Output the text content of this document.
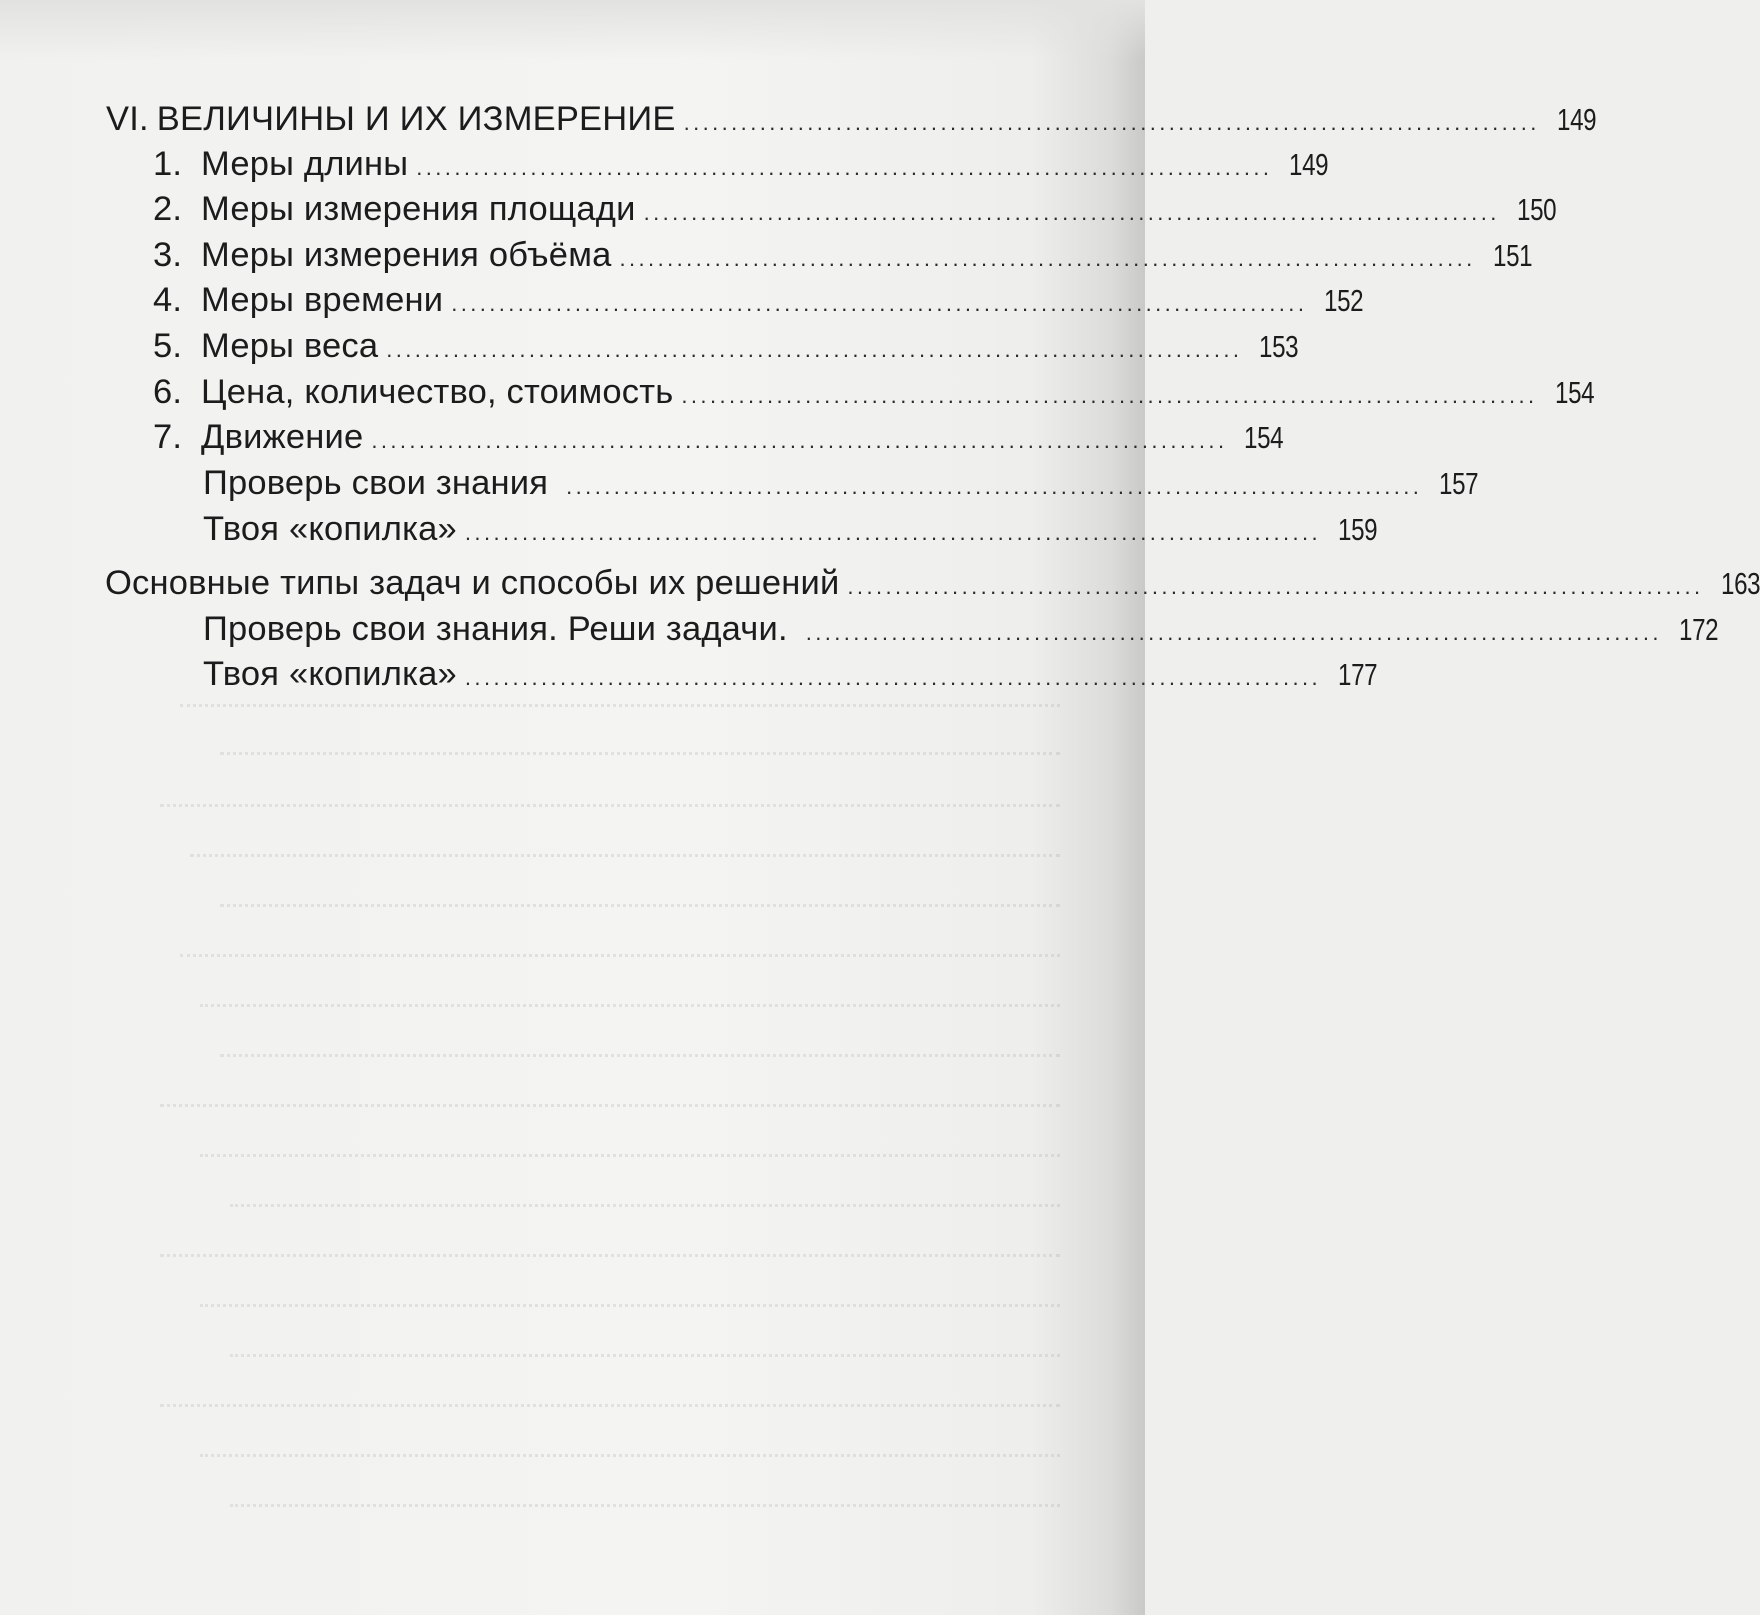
VI. ВЕЛИЧИНЫ И ИХ ИЗМЕРЕНИЕ .......................................................................................... 149
1. Меры длины .......................................................................................... 149
2. Меры измерения площади .......................................................................................... 150
3. Меры измерения объёма .......................................................................................... 151
4. Меры времени .......................................................................................... 152
5. Меры веса .......................................................................................... 153
6. Цена, количество, стоимость .......................................................................................... 154
7. Движение .......................................................................................... 154
Проверь свои знания .......................................................................................... 157
Твоя «копилка» .......................................................................................... 159
Основные типы задач и способы их решений .......................................................................................... 163
Проверь свои знания. Реши задачи. .......................................................................................... 172
Твоя «копилка» .......................................................................................... 177
